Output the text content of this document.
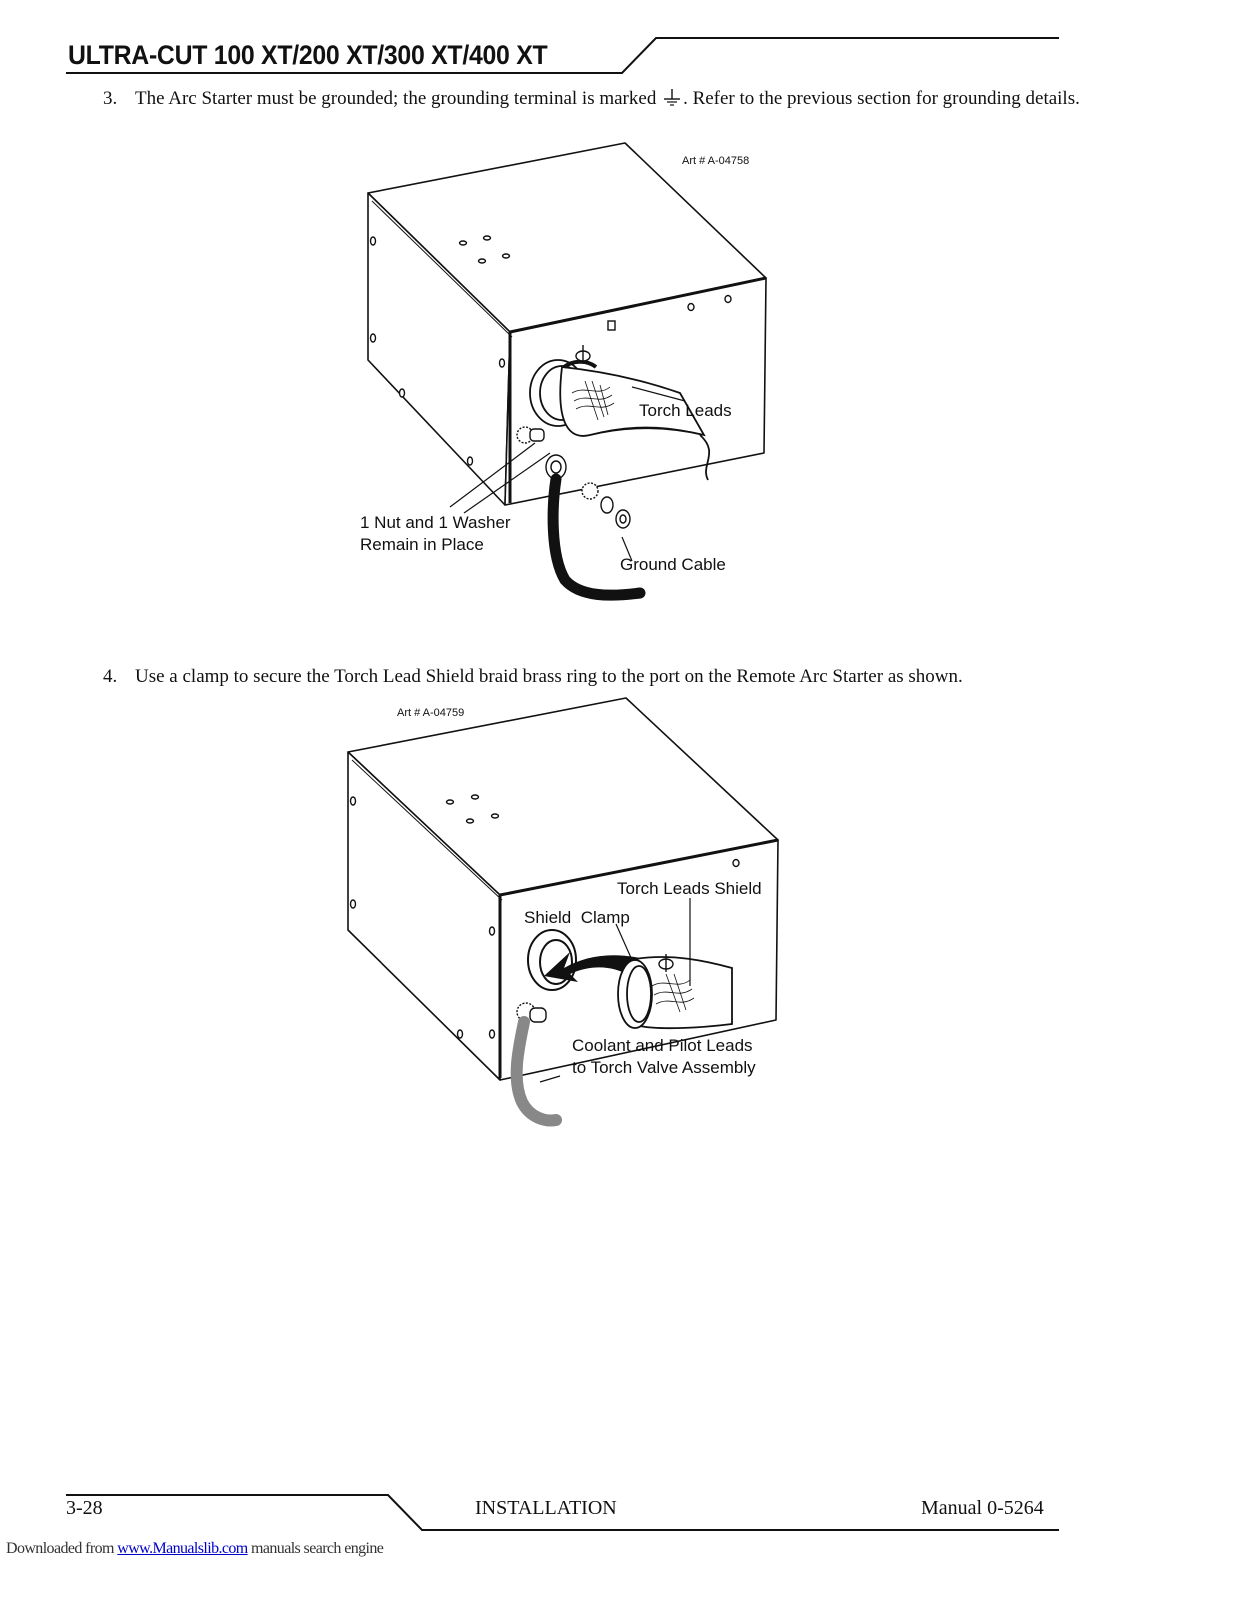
ULTRA-CUT 100 XT/200 XT/300 XT/400 XT
3. The Arc Starter must be grounded; the grounding terminal is marked . Refer to the previous section for grounding details.
Art # A-04758
Torch Leads
1 Nut and 1 Washer
Remain in Place
Ground Cable
4. Use a clamp to secure the Torch Lead Shield braid brass ring to the port on the Remote Arc Starter as shown.
Art # A-04759
Torch Leads Shield
Shield  Clamp
Coolant and Pilot Leads
to Torch Valve Assembly
3-28	INSTALLATION	Manual 0-5264
Downloaded from www.Manualslib.com manuals search engine
